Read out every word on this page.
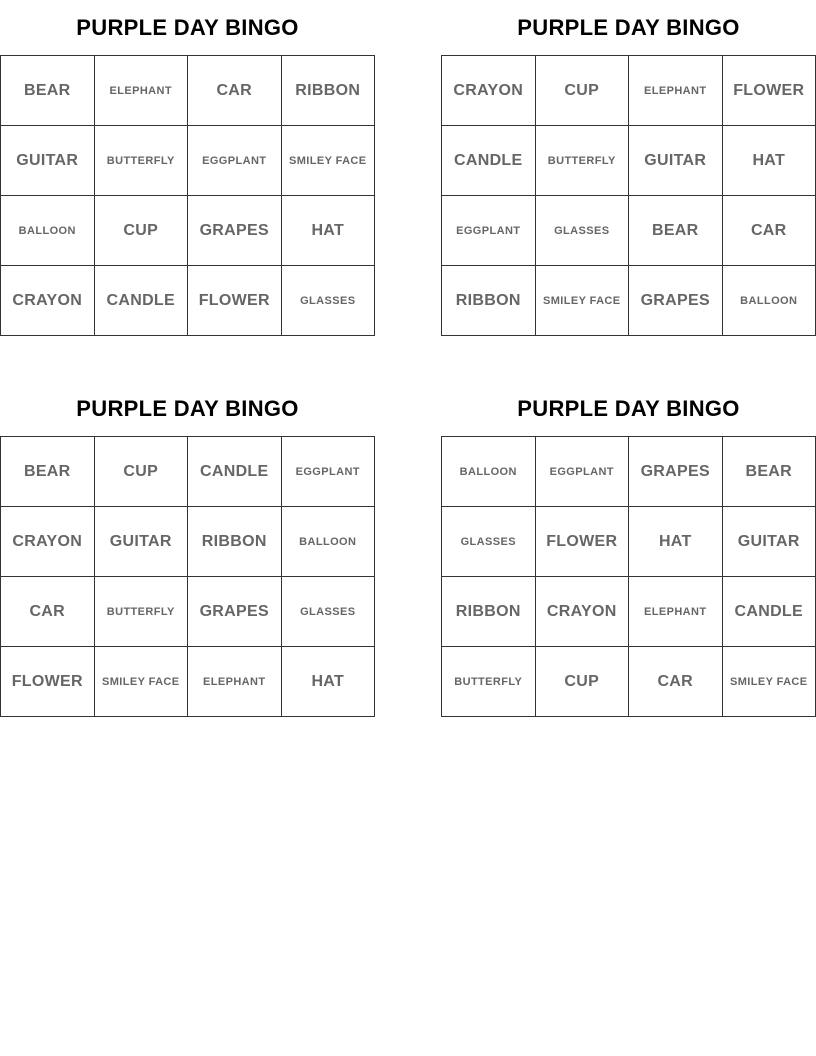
PURPLE DAY BINGO
BEAR	ELEPHANT	CAR	RIBBON
GUITAR	BUTTERFLY	EGGPLANT	SMILEY FACE
BALLOON	CUP	GRAPES	HAT
CRAYON	CANDLE	FLOWER	GLASSES
PURPLE DAY BINGO
CRAYON	CUP	ELEPHANT	FLOWER
CANDLE	BUTTERFLY	GUITAR	HAT
EGGPLANT	GLASSES	BEAR	CAR
RIBBON	SMILEY FACE	GRAPES	BALLOON
PURPLE DAY BINGO
BEAR	CUP	CANDLE	EGGPLANT
CRAYON	GUITAR	RIBBON	BALLOON
CAR	BUTTERFLY	GRAPES	GLASSES
FLOWER	SMILEY FACE	ELEPHANT	HAT
PURPLE DAY BINGO
BALLOON	EGGPLANT	GRAPES	BEAR
GLASSES	FLOWER	HAT	GUITAR
RIBBON	CRAYON	ELEPHANT	CANDLE
BUTTERFLY	CUP	CAR	SMILEY FACE
